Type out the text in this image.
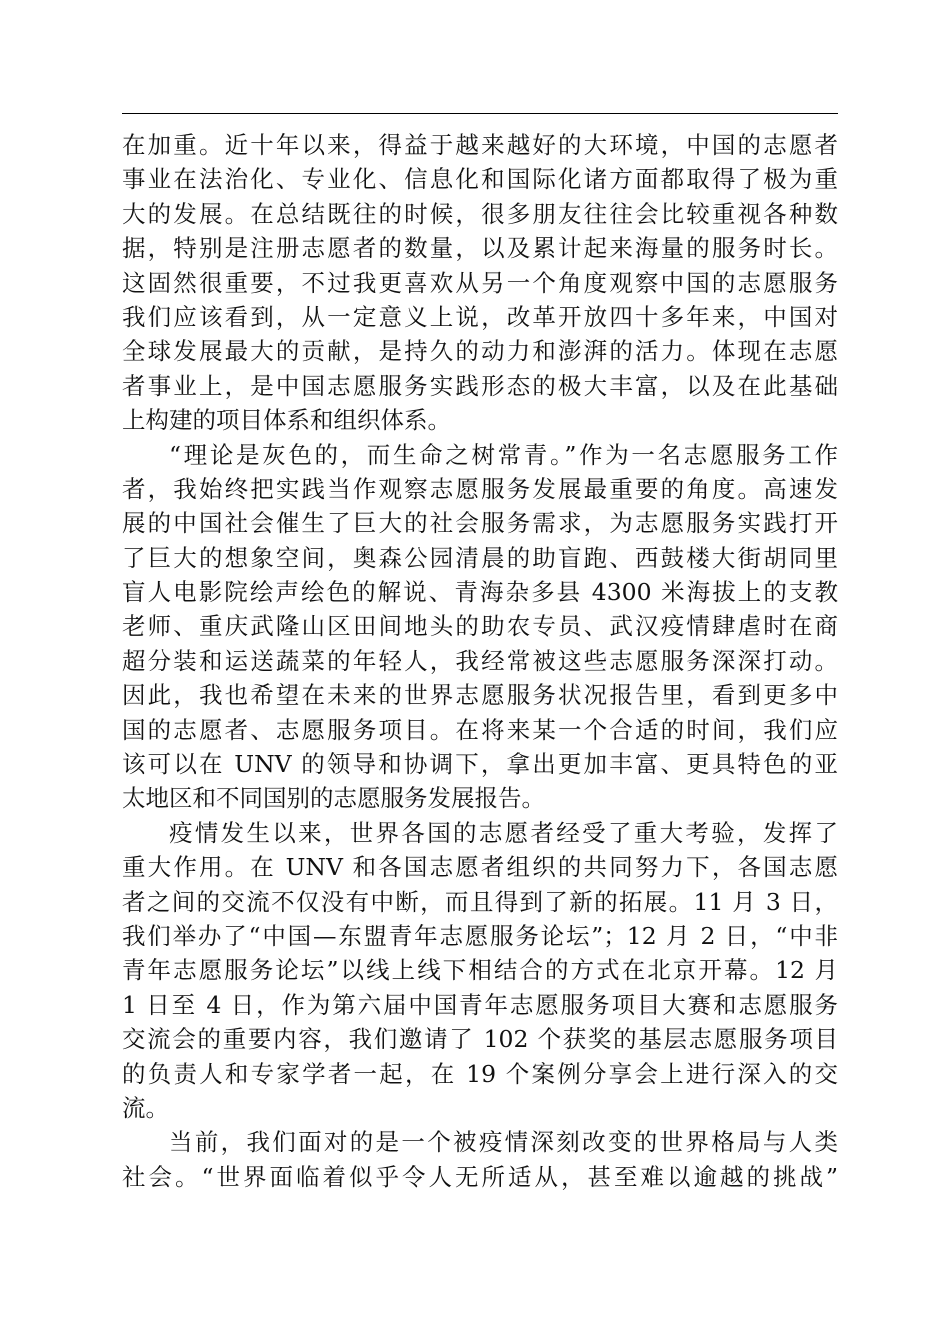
在加重。近十年以来，得益于越来越好的大环境，中国的志愿者
事业在法治化、专业化、信息化和国际化诸方面都取得了极为重
大的发展。在总结既往的时候，很多朋友往往会比较重视各种数
据，特别是注册志愿者的数量，以及累计起来海量的服务时长。
这固然很重要，不过我更喜欢从另一个角度观察中国的志愿服务
我们应该看到，从一定意义上说，改革开放四十多年来，中国对
全球发展最大的贡献，是持久的动力和澎湃的活力。体现在志愿
者事业上，是中国志愿服务实践形态的极大丰富，以及在此基础
上构建的项目体系和组织体系。
“理论是灰色的，而生命之树常青。”作为一名志愿服务工作
者，我始终把实践当作观察志愿服务发展最重要的角度。高速发
展的中国社会催生了巨大的社会服务需求，为志愿服务实践打开
了巨大的想象空间，奥森公园清晨的助盲跑、西鼓楼大街胡同里
盲人电影院绘声绘色的解说、青海杂多县 4300 米海拔上的支教
老师、重庆武隆山区田间地头的助农专员、武汉疫情肆虐时在商
超分装和运送蔬菜的年轻人，我经常被这些志愿服务深深打动。
因此，我也希望在未来的世界志愿服务状况报告里，看到更多中
国的志愿者、志愿服务项目。在将来某一个合适的时间，我们应
该可以在 UNV 的领导和协调下，拿出更加丰富、更具特色的亚
太地区和不同国别的志愿服务发展报告。
疫情发生以来，世界各国的志愿者经受了重大考验，发挥了
重大作用。在 UNV 和各国志愿者组织的共同努力下，各国志愿
者之间的交流不仅没有中断，而且得到了新的拓展。11 月 3 日，
我们举办了“中国—东盟青年志愿服务论坛”；12 月 2 日，“中非
青年志愿服务论坛”以线上线下相结合的方式在北京开幕。12 月
1 日至 4 日，作为第六届中国青年志愿服务项目大赛和志愿服务
交流会的重要内容，我们邀请了 102 个获奖的基层志愿服务项目
的负责人和专家学者一起，在 19 个案例分享会上进行深入的交
流。
当前，我们面对的是一个被疫情深刻改变的世界格局与人类
社会。“世界面临着似乎令人无所适从，甚至难以逾越的挑战”
